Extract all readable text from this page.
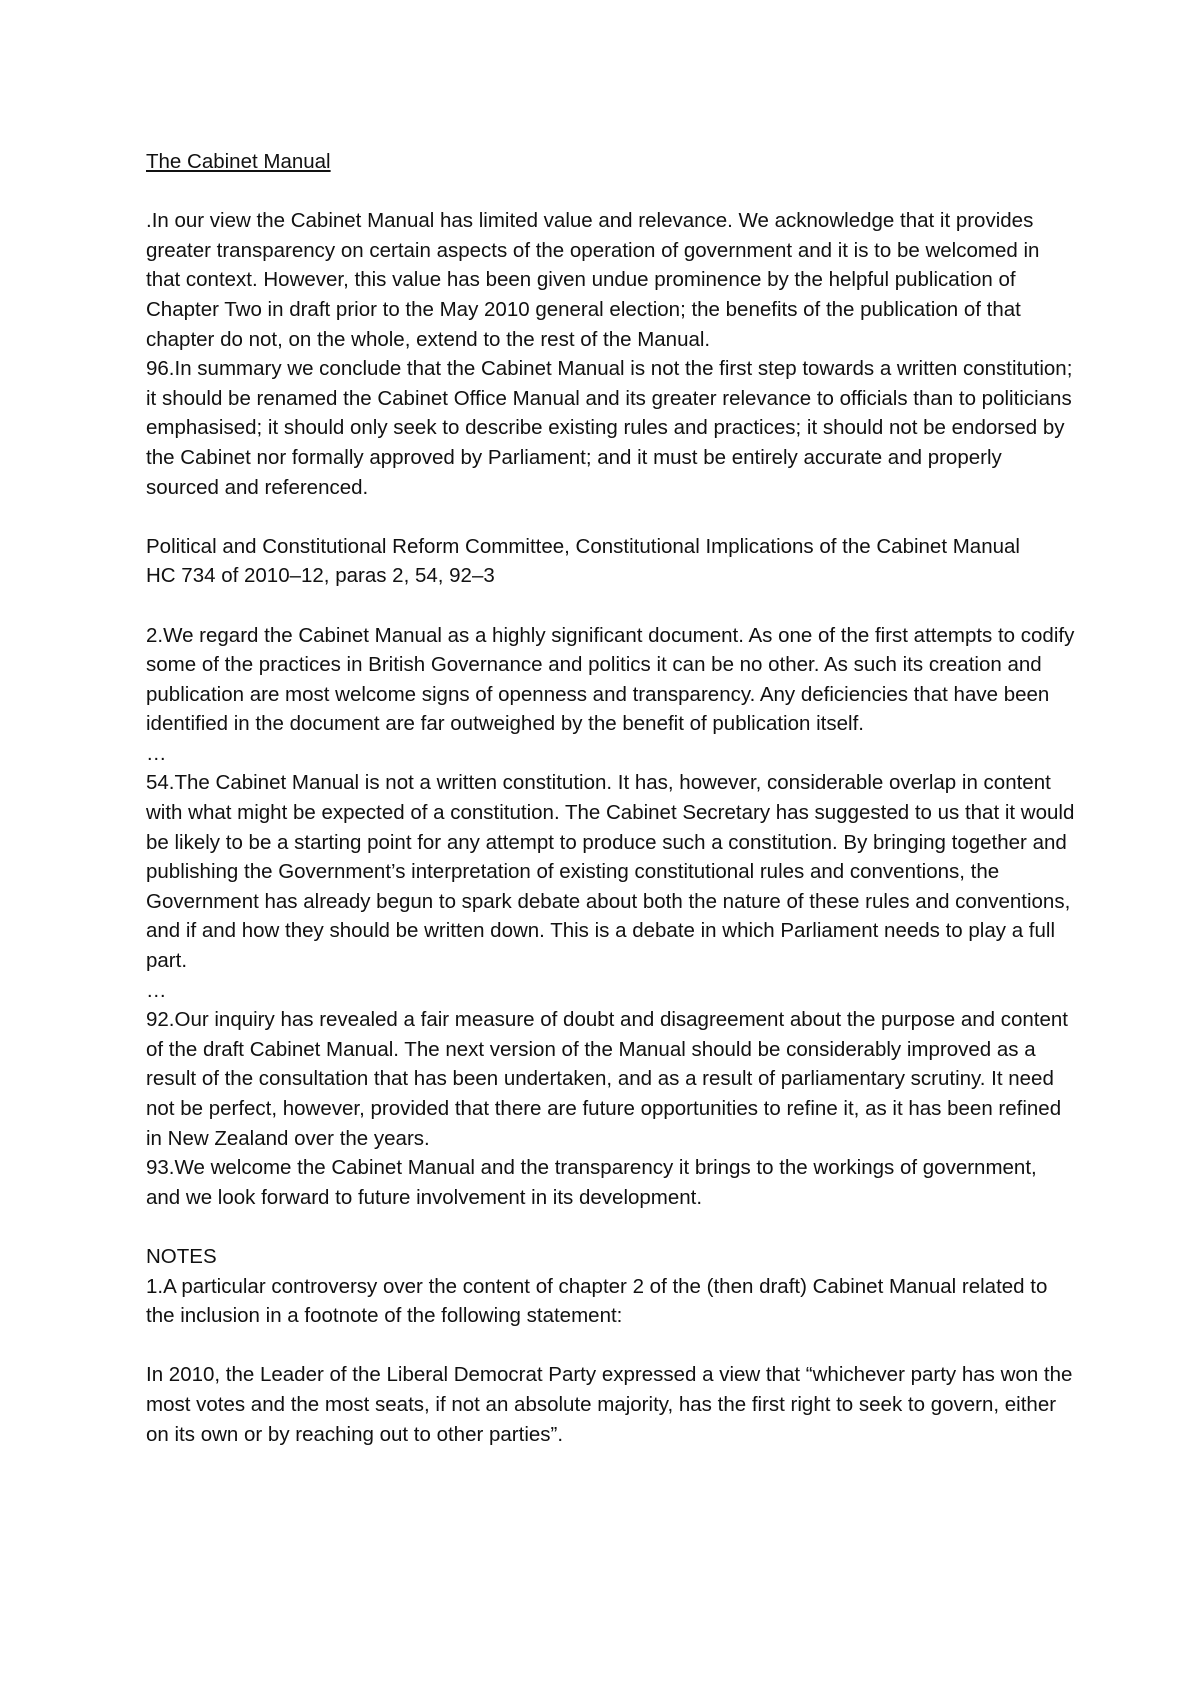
The Cabinet Manual

.In our view the Cabinet Manual has limited value and relevance. We acknowledge that it provides greater transparency on certain aspects of the operation of government and it is to be welcomed in that context. However, this value has been given undue prominence by the helpful publication of Chapter Two in draft prior to the May 2010 general election; the benefits of the publication of that chapter do not, on the whole, extend to the rest of the Manual.

96.In summary we conclude that the Cabinet Manual is not the first step towards a written constitution; it should be renamed the Cabinet Office Manual and its greater relevance to officials than to politicians emphasised; it should only seek to describe existing rules and practices; it should not be endorsed by the Cabinet nor formally approved by Parliament; and it must be entirely accurate and properly sourced and referenced.

Political and Constitutional Reform Committee, Constitutional Implications of the Cabinet Manual

HC 734 of 2010–12, paras 2, 54, 92–3

2.We regard the Cabinet Manual as a highly significant document. As one of the first attempts to codify some of the practices in British Governance and politics it can be no other. As such its creation and publication are most welcome signs of openness and transparency. Any deficiencies that have been identified in the document are far outweighed by the benefit of publication itself.

…

54.The Cabinet Manual is not a written constitution. It has, however, considerable overlap in content with what might be expected of a constitution. The Cabinet Secretary has suggested to us that it would be likely to be a starting point for any attempt to produce such a constitution. By bringing together and publishing the Government’s interpretation of existing constitutional rules and conventions, the Government has already begun to spark debate about both the nature of these rules and conventions, and if and how they should be written down. This is a debate in which Parliament needs to play a full part.

…

92.Our inquiry has revealed a fair measure of doubt and disagreement about the purpose and content of the draft Cabinet Manual. The next version of the Manual should be considerably improved as a result of the consultation that has been undertaken, and as a result of parliamentary scrutiny. It need not be perfect, however, provided that there are future opportunities to refine it, as it has been refined in New Zealand over the years.

93.We welcome the Cabinet Manual and the transparency it brings to the workings of government, and we look forward to future involvement in its development.

NOTES

1.A particular controversy over the content of chapter 2 of the (then draft) Cabinet Manual related to the inclusion in a footnote of the following statement:

In 2010, the Leader of the Liberal Democrat Party expressed a view that “whichever party has won the most votes and the most seats, if not an absolute majority, has the first right to seek to govern, either on its own or by reaching out to other parties”.
